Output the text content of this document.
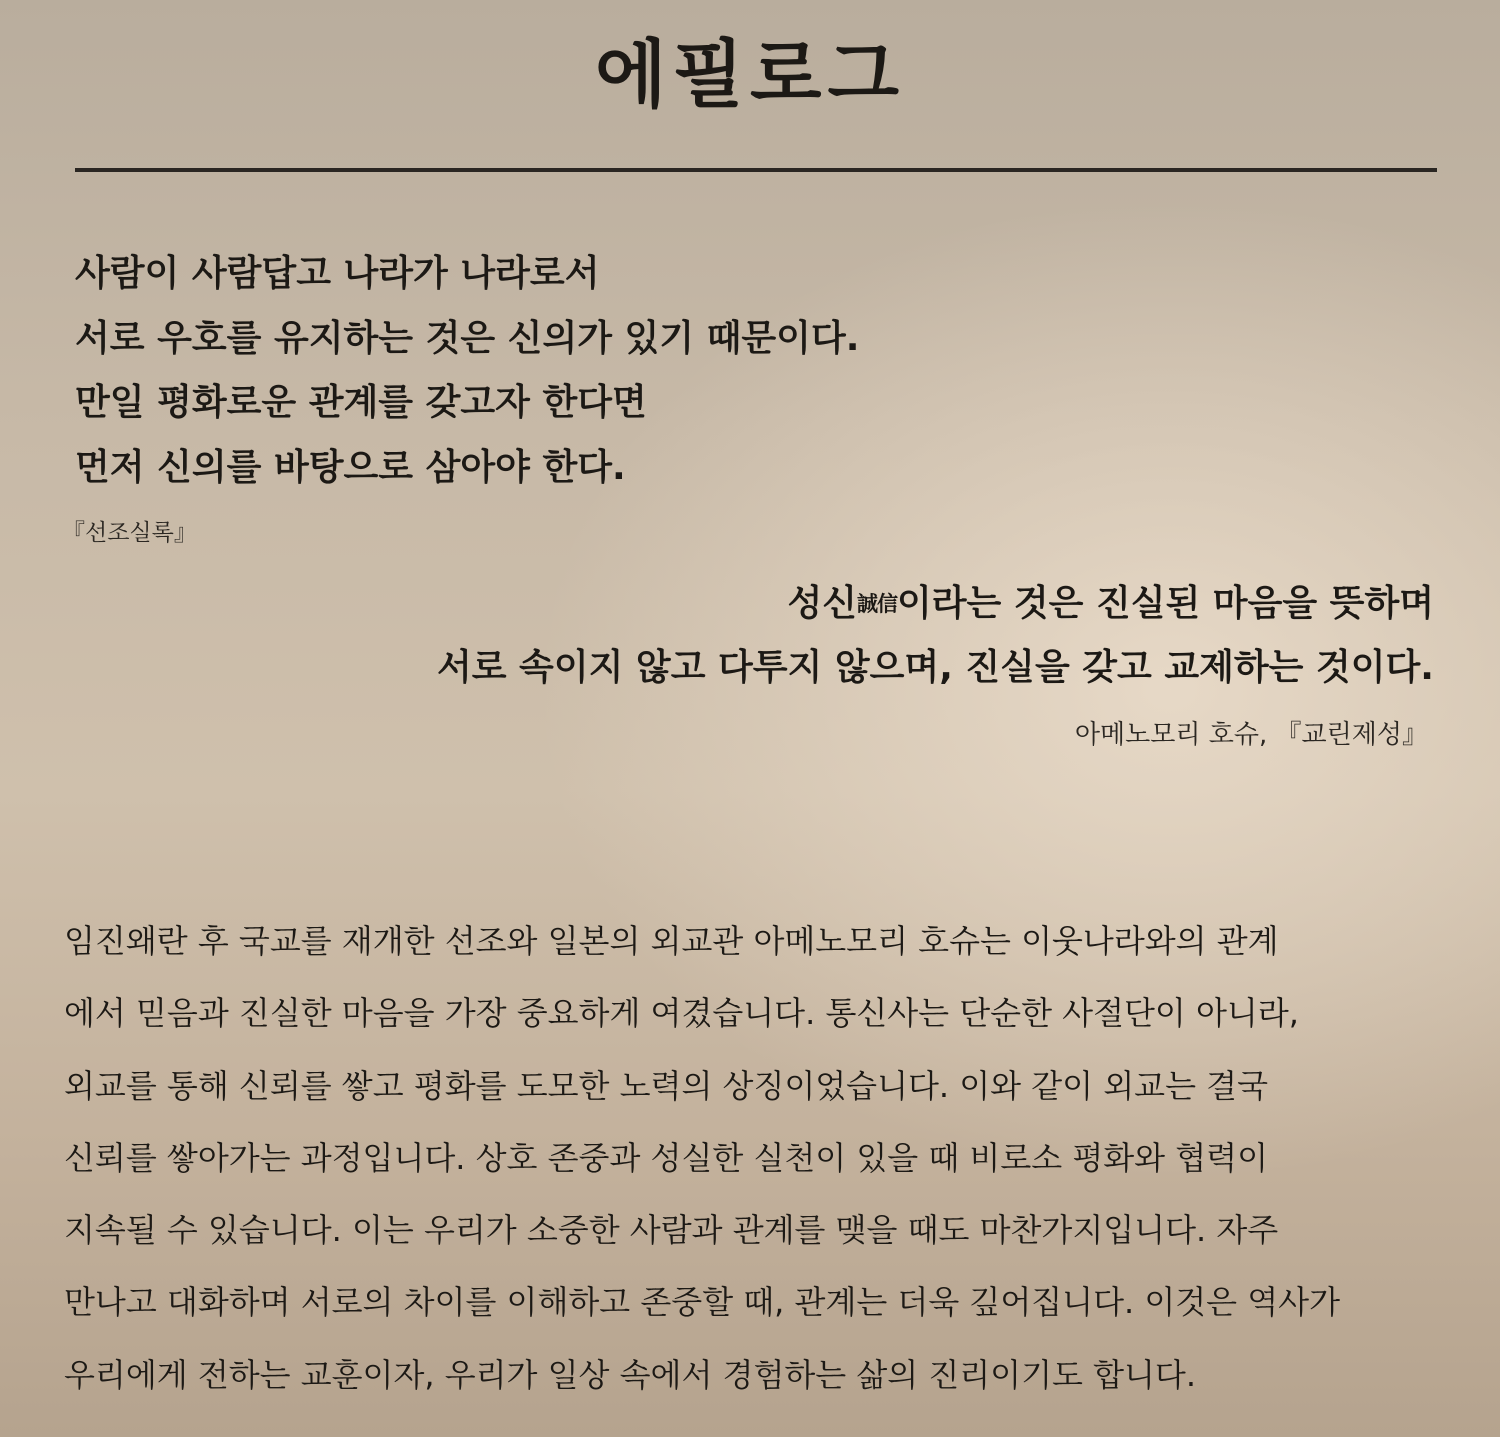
에필로그
사람이 사람답고 나라가 나라로서
서로 우호를 유지하는 것은 신의가 있기 때문이다.
만일 평화로운 관계를 갖고자 한다면
먼저 신의를 바탕으로 삼아야 한다.
『선조실록』
성신誠信이라는 것은 진실된 마음을 뜻하며
서로 속이지 않고 다투지 않으며, 진실을 갖고 교제하는 것이다.
아메노모리 호슈, 『교린제성』
임진왜란 후 국교를 재개한 선조와 일본의 외교관 아메노모리 호슈는 이웃나라와의 관계
에서 믿음과 진실한 마음을 가장 중요하게 여겼습니다. 통신사는 단순한 사절단이 아니라,
외교를 통해 신뢰를 쌓고 평화를 도모한 노력의 상징이었습니다. 이와 같이 외교는 결국
신뢰를 쌓아가는 과정입니다. 상호 존중과 성실한 실천이 있을 때 비로소 평화와 협력이
지속될 수 있습니다. 이는 우리가 소중한 사람과 관계를 맺을 때도 마찬가지입니다. 자주
만나고 대화하며 서로의 차이를 이해하고 존중할 때, 관계는 더욱 깊어집니다. 이것은 역사가
우리에게 전하는 교훈이자, 우리가 일상 속에서 경험하는 삶의 진리이기도 합니다.
